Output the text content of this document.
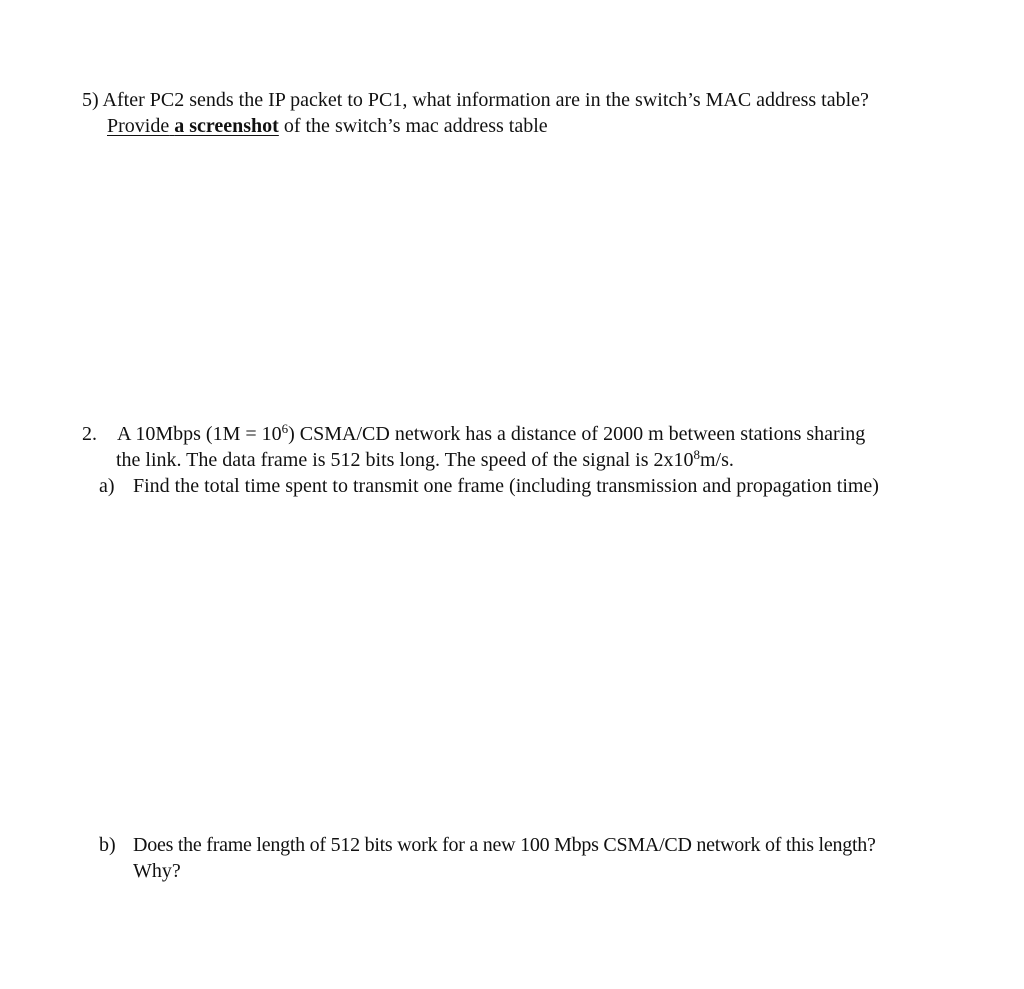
5) After PC2 sends the IP packet to PC1, what information are in the switch’s MAC address table?
Provide a screenshot of the switch’s mac address table
2. A 10Mbps $(1M = 10^6)$ CSMA/CD network has a distance of 2000 m between stations sharing
the link. The data frame is 512 bits long. The speed of the signal is $2x10^8m/s$.
a) Find the total time spent to transmit one frame (including transmission and propagation time)
b) Does the frame length of 512 bits work for a new 100 Mbps CSMA/CD network of this length?
Why?
